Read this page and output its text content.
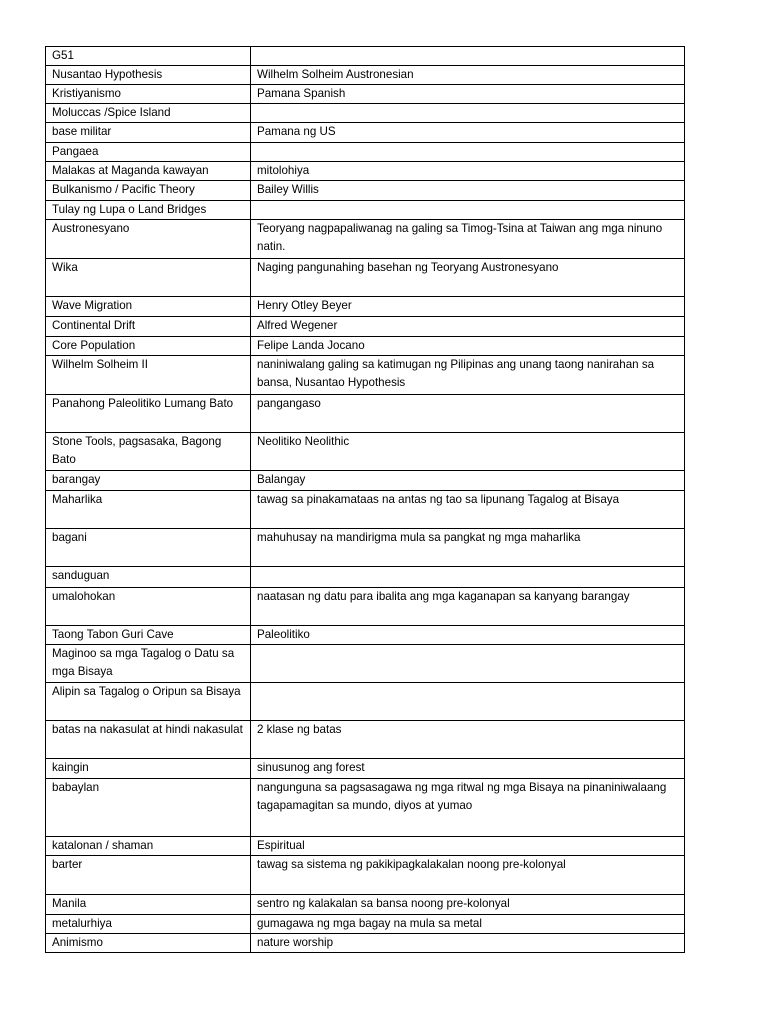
G51	
Nusantao Hypothesis	Wilhelm Solheim Austronesian
Kristiyanismo	Pamana Spanish
Moluccas /Spice Island	
base militar	Pamana ng US
Pangaea	
Malakas at Maganda kawayan	mitolohiya
Bulkanismo / Pacific Theory	Bailey Willis
Tulay ng Lupa o Land Bridges	
Austronesyano	Teoryang nagpapaliwanag na galing sa Timog-Tsina at Taiwan ang mga ninuno natin.
Wika	Naging pangunahing basehan ng Teoryang Austronesyano
Wave Migration	Henry Otley Beyer
Continental Drift	Alfred Wegener
Core Population	Felipe Landa Jocano
Wilhelm Solheim II	naniniwalang galing sa katimugan ng Pilipinas ang unang taong nanirahan sa bansa, Nusantao Hypothesis
Panahong Paleolitiko Lumang Bato	pangangaso
Stone Tools, pagsasaka, Bagong Bato	Neolitiko Neolithic
barangay	Balangay
Maharlika	tawag sa pinakamataas na antas ng tao sa lipunang Tagalog at Bisaya
bagani	mahuhusay na mandirigma mula sa pangkat ng mga maharlika
sanduguan	
umalohokan	naatasan ng datu para ibalita ang mga kaganapan sa kanyang barangay
Taong Tabon Guri Cave	Paleolitiko
Maginoo sa mga Tagalog o Datu sa mga Bisaya	
Alipin sa Tagalog o Oripun sa Bisaya	
batas na nakasulat at hindi nakasulat	2 klase ng batas
kaingin	sinusunog ang forest
babaylan	nangunguna sa pagsasagawa ng mga ritwal ng mga Bisaya na pinaniniwalaang tagapamagitan sa mundo, diyos at yumao
katalonan / shaman	Espiritual
barter	tawag sa sistema ng pakikipagkalakalan noong pre-kolonyal
Manila	sentro ng kalakalan sa bansa noong pre-kolonyal
metalurhiya	gumagawa ng mga bagay na mula sa metal
Animismo	nature worship
